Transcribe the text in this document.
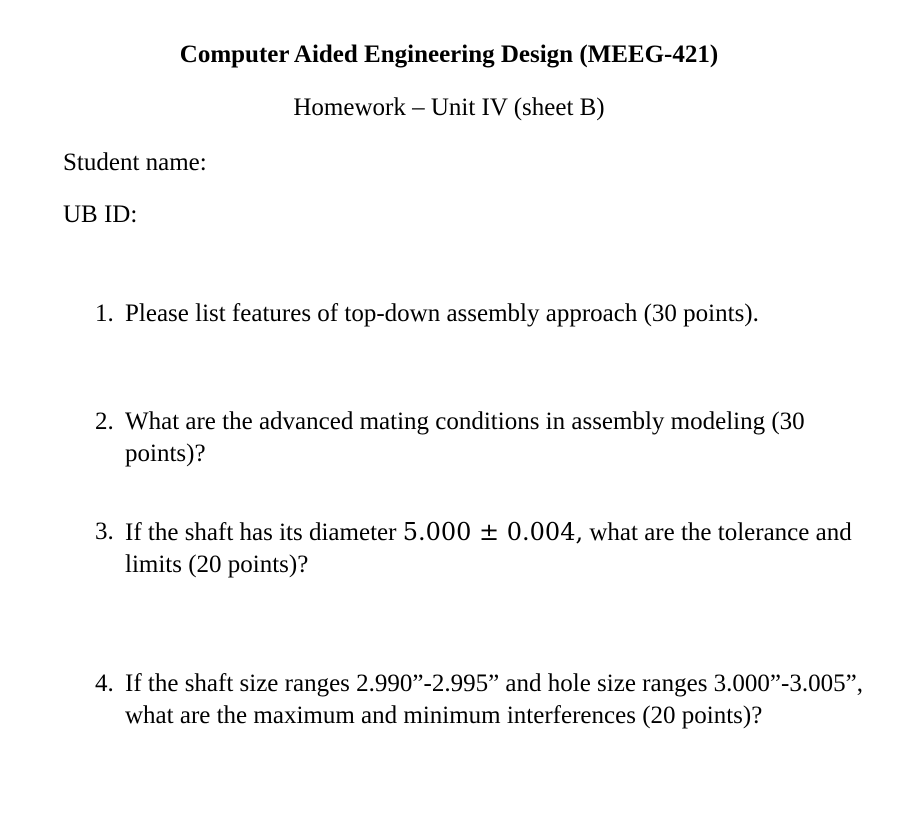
Computer Aided Engineering Design (MEEG-421)

Homework – Unit IV (sheet B)

Student name:

UB ID:

1. Please list features of top-down assembly approach (30 points).
2. What are the advanced mating conditions in assembly modeling (30 points)?
3. If the shaft has its diameter 5.000 ± 0.004, what are the tolerance and limits (20 points)?
4. If the shaft size ranges 2.990”-2.995” and hole size ranges 3.000”-3.005”, what are the maximum and minimum interferences (20 points)?
